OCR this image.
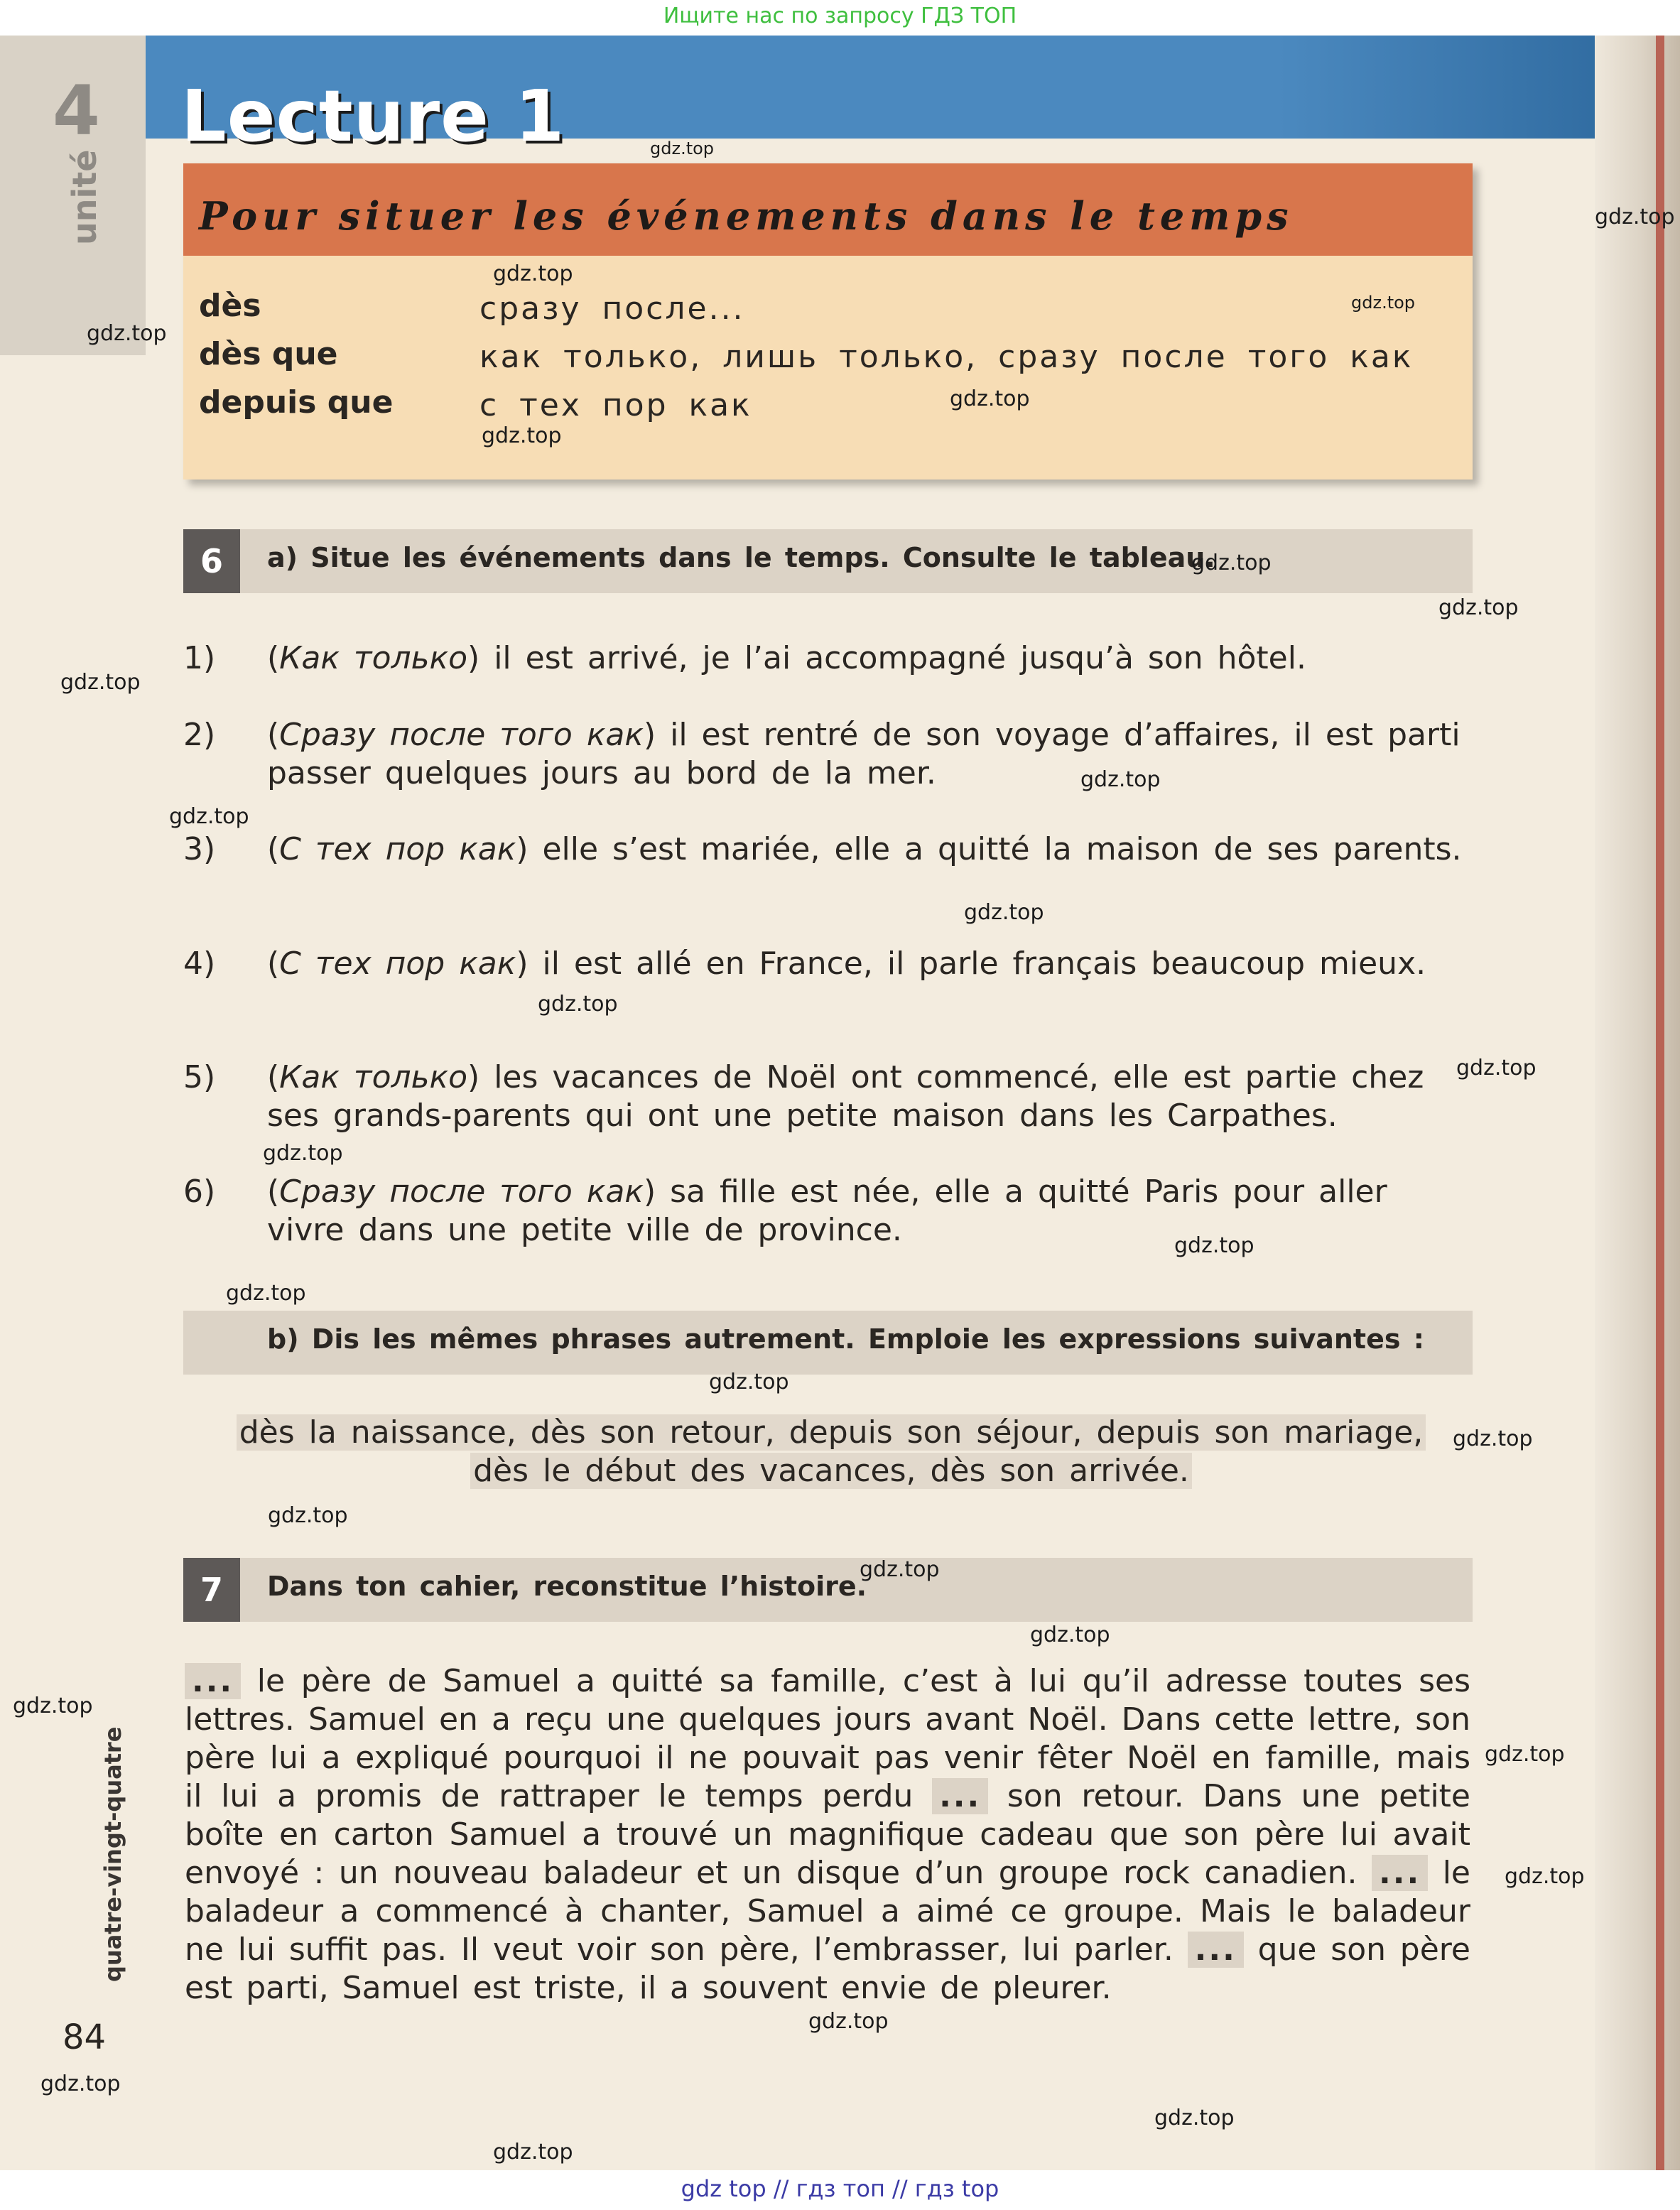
Ищите нас по запросу ГДЗ ТОП
4
unité
Lecture 1
Pour situer les événements dans le temps
dès	сразу после...
dès que	как только, лишь только, сразу после того как
depuis que	с тех пор как
6	a) Situe les événements dans le temps. Consulte le tableau.
1) (Как только) il est arrivé, je l’ai accompagné jusqu’à son hôtel.
2) (Сразу после того как) il est rentré de son voyage d’affaires, il est parti passer quelques jours au bord de la mer.
3) (С тех пор как) elle s’est mariée, elle a quitté la maison de ses parents.
4) (С тех пор как) il est allé en France, il parle français beaucoup mieux.
5) (Как только) les vacances de Noël ont commencé, elle est partie chez ses grands-parents qui ont une petite maison dans les Carpathes.
6) (Сразу после того как) sa fille est née, elle a quitté Paris pour aller vivre dans une petite ville de province.
b) Dis les mêmes phrases autrement. Emploie les expressions suivantes :
dès la naissance, dès son retour, depuis son séjour, depuis son mariage,
dès le début des vacances, dès son arrivée.
7	Dans ton cahier, reconstitue l’histoire.
... le père de Samuel a quitté sa famille, c’est à lui qu’il adresse toutes ses lettres. Samuel en a reçu une quelques jours avant Noël. Dans cette lettre, son père lui a expliqué pourquoi il ne pouvait pas venir fêter Noël en famille, mais il lui a promis de rattraper le temps perdu ... son retour. Dans une petite boîte en carton Samuel a trouvé un magnifique cadeau que son père lui avait envoyé : un nouveau baladeur et un disque d’un groupe rock canadien. ... le baladeur a commencé à chanter, Samuel a aimé ce groupe. Mais le baladeur ne lui suffit pas. Il veut voir son père, l’embrasser, lui parler. ... que son père est parti, Samuel est triste, il a souvent envie de pleurer.
quatre-vingt-quatre
84
gdz.top
gdz.top
gdz.top
gdz.top
gdz.top
gdz.top
gdz.top
gdz.top
gdz.top
gdz.top
gdz.top
gdz.top
gdz.top
gdz.top
gdz.top
gdz.top
gdz.top
gdz.top
gdz.top
gdz.top
gdz.top
gdz.top
gdz.top
gdz.top
gdz.top
gdz.top
gdz.top
gdz.top
gdz.top
gdz.top
gdz top // гдз топ // гдз top
